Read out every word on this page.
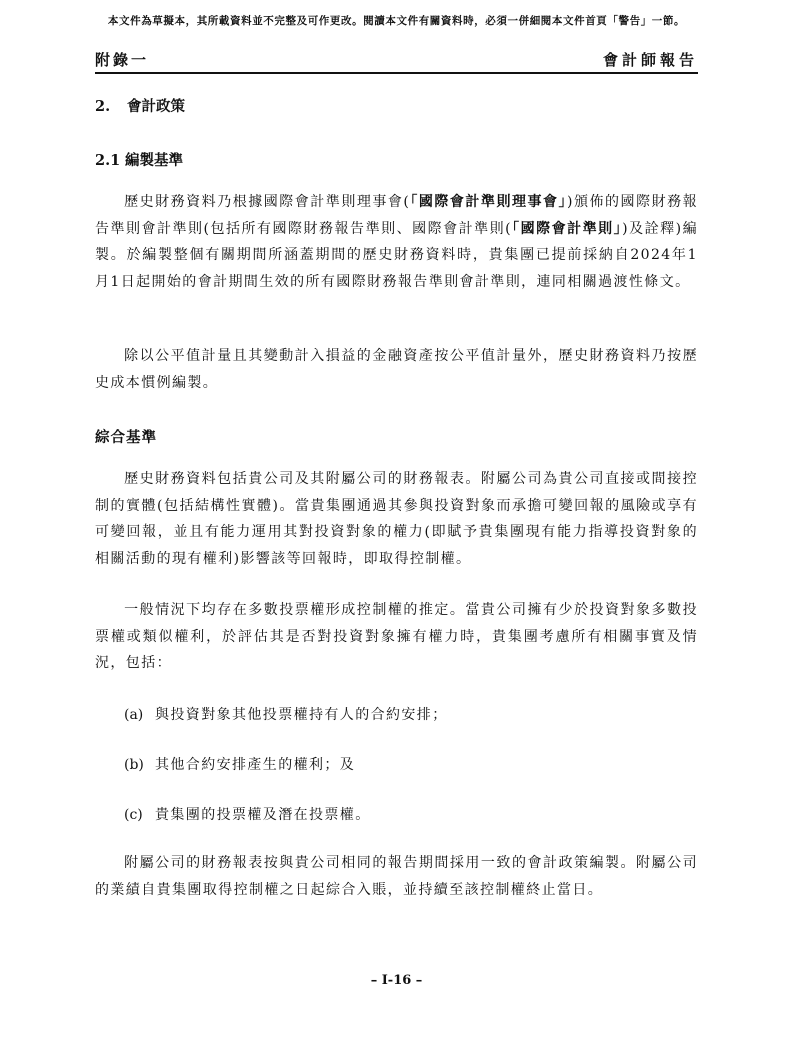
本文件為草擬本，其所載資料並不完整及可作更改。閱讀本文件有關資料時，必須一併細閱本文件首頁「警告」一節。
附錄一	會計師報告
2. 會計政策
2.1 編製基準
歷史財務資料乃根據國際會計準則理事會(「國際會計準則理事會」)頒佈的國際財務報告準則會計準則(包括所有國際財務報告準則、國際會計準則(「國際會計準則」)及詮釋)編製。於編製整個有關期間所涵蓋期間的歷史財務資料時，貴集團已提前採納自2024年1月1日起開始的會計期間生效的所有國際財務報告準則會計準則，連同相關過渡性條文。
除以公平值計量且其變動計入損益的金融資產按公平值計量外，歷史財務資料乃按歷史成本慣例編製。
綜合基準
歷史財務資料包括貴公司及其附屬公司的財務報表。附屬公司為貴公司直接或間接控制的實體(包括結構性實體)。當貴集團通過其參與投資對象而承擔可變回報的風險或享有可變回報，並且有能力運用其對投資對象的權力(即賦予貴集團現有能力指導投資對象的相關活動的現有權利)影響該等回報時，即取得控制權。
一般情況下均存在多數投票權形成控制權的推定。當貴公司擁有少於投資對象多數投票權或類似權利，於評估其是否對投資對象擁有權力時，貴集團考慮所有相關事實及情況，包括：
(a) 與投資對象其他投票權持有人的合約安排；
(b) 其他合約安排產生的權利；及
(c) 貴集團的投票權及潛在投票權。
附屬公司的財務報表按與貴公司相同的報告期間採用一致的會計政策編製。附屬公司的業績自貴集團取得控制權之日起綜合入賬，並持續至該控制權終止當日。
– I-16 –
